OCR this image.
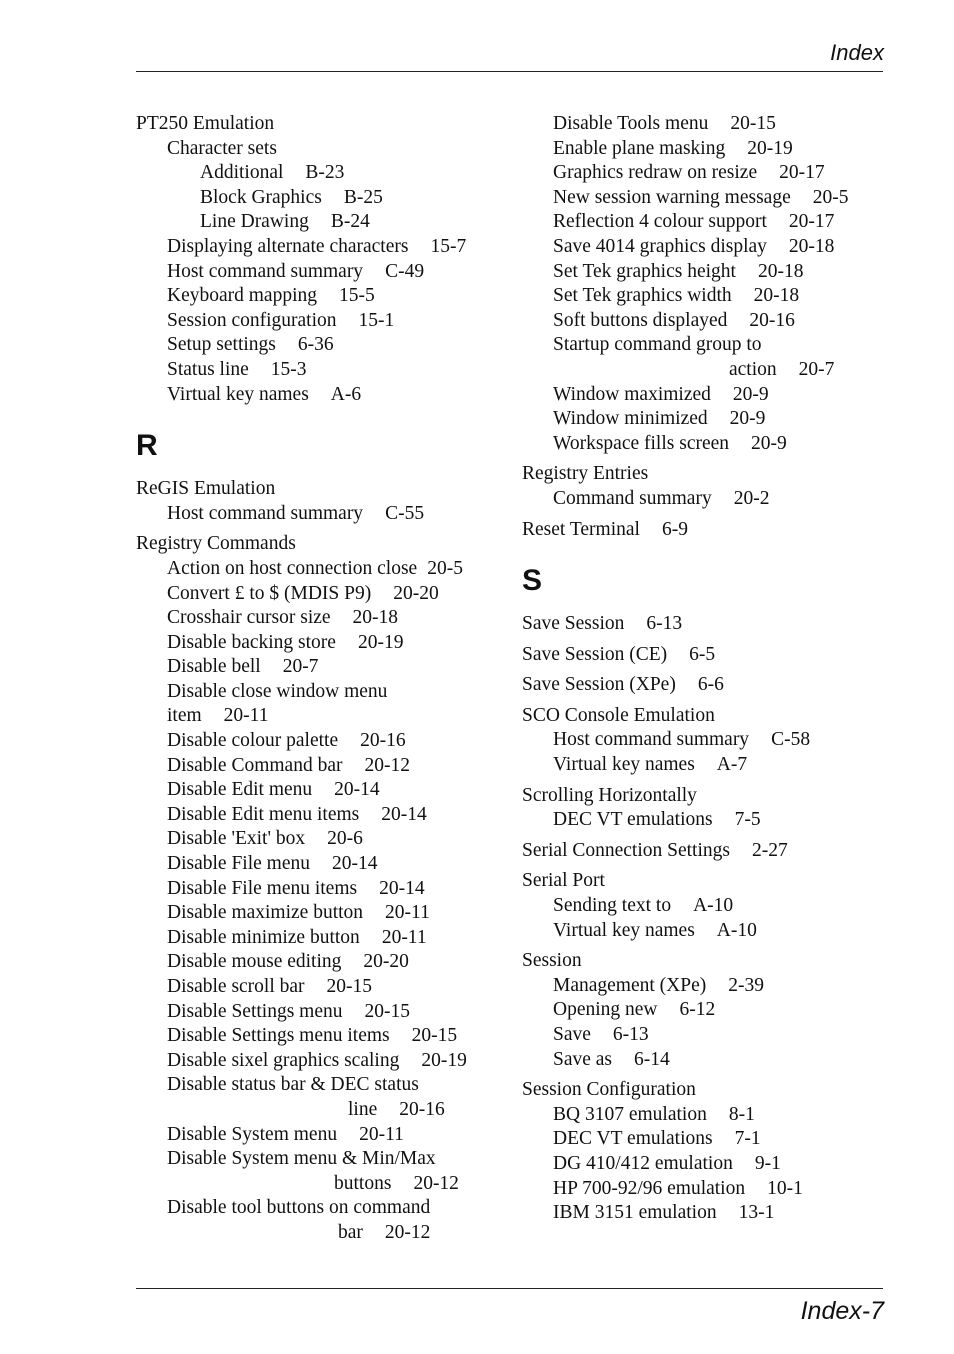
Index
PT250 Emulation
Character sets
Additional B-23
Block Graphics B-25
Line Drawing B-24
Displaying alternate characters 15-7
Host command summary C-49
Keyboard mapping 15-5
Session configuration 15-1
Setup settings 6-36
Status line 15-3
Virtual key names A-6
R
ReGIS Emulation
Host command summary C-55
Registry Commands
Action on host connection close 20-5
Convert £ to $ (MDIS P9) 20-20
Crosshair cursor size 20-18
Disable backing store 20-19
Disable bell 20-7
Disable close window menu
item 20-11
Disable colour palette 20-16
Disable Command bar 20-12
Disable Edit menu 20-14
Disable Edit menu items 20-14
Disable 'Exit' box 20-6
Disable File menu 20-14
Disable File menu items 20-14
Disable maximize button 20-11
Disable minimize button 20-11
Disable mouse editing 20-20
Disable scroll bar 20-15
Disable Settings menu 20-15
Disable Settings menu items 20-15
Disable sixel graphics scaling 20-19
Disable status bar & DEC status
line 20-16
Disable System menu 20-11
Disable System menu & Min/Max
buttons 20-12
Disable tool buttons on command
bar 20-12
Disable Tools menu 20-15
Enable plane masking 20-19
Graphics redraw on resize 20-17
New session warning message 20-5
Reflection 4 colour support 20-17
Save 4014 graphics display 20-18
Set Tek graphics height 20-18
Set Tek graphics width 20-18
Soft buttons displayed 20-16
Startup command group to
action 20-7
Window maximized 20-9
Window minimized 20-9
Workspace fills screen 20-9
Registry Entries
Command summary 20-2
Reset Terminal 6-9
S
Save Session 6-13
Save Session (CE) 6-5
Save Session (XPe) 6-6
SCO Console Emulation
Host command summary C-58
Virtual key names A-7
Scrolling Horizontally
DEC VT emulations 7-5
Serial Connection Settings 2-27
Serial Port
Sending text to A-10
Virtual key names A-10
Session
Management (XPe) 2-39
Opening new 6-12
Save 6-13
Save as 6-14
Session Configuration
BQ 3107 emulation 8-1
DEC VT emulations 7-1
DG 410/412 emulation 9-1
HP 700-92/96 emulation 10-1
IBM 3151 emulation 13-1
Index-7
